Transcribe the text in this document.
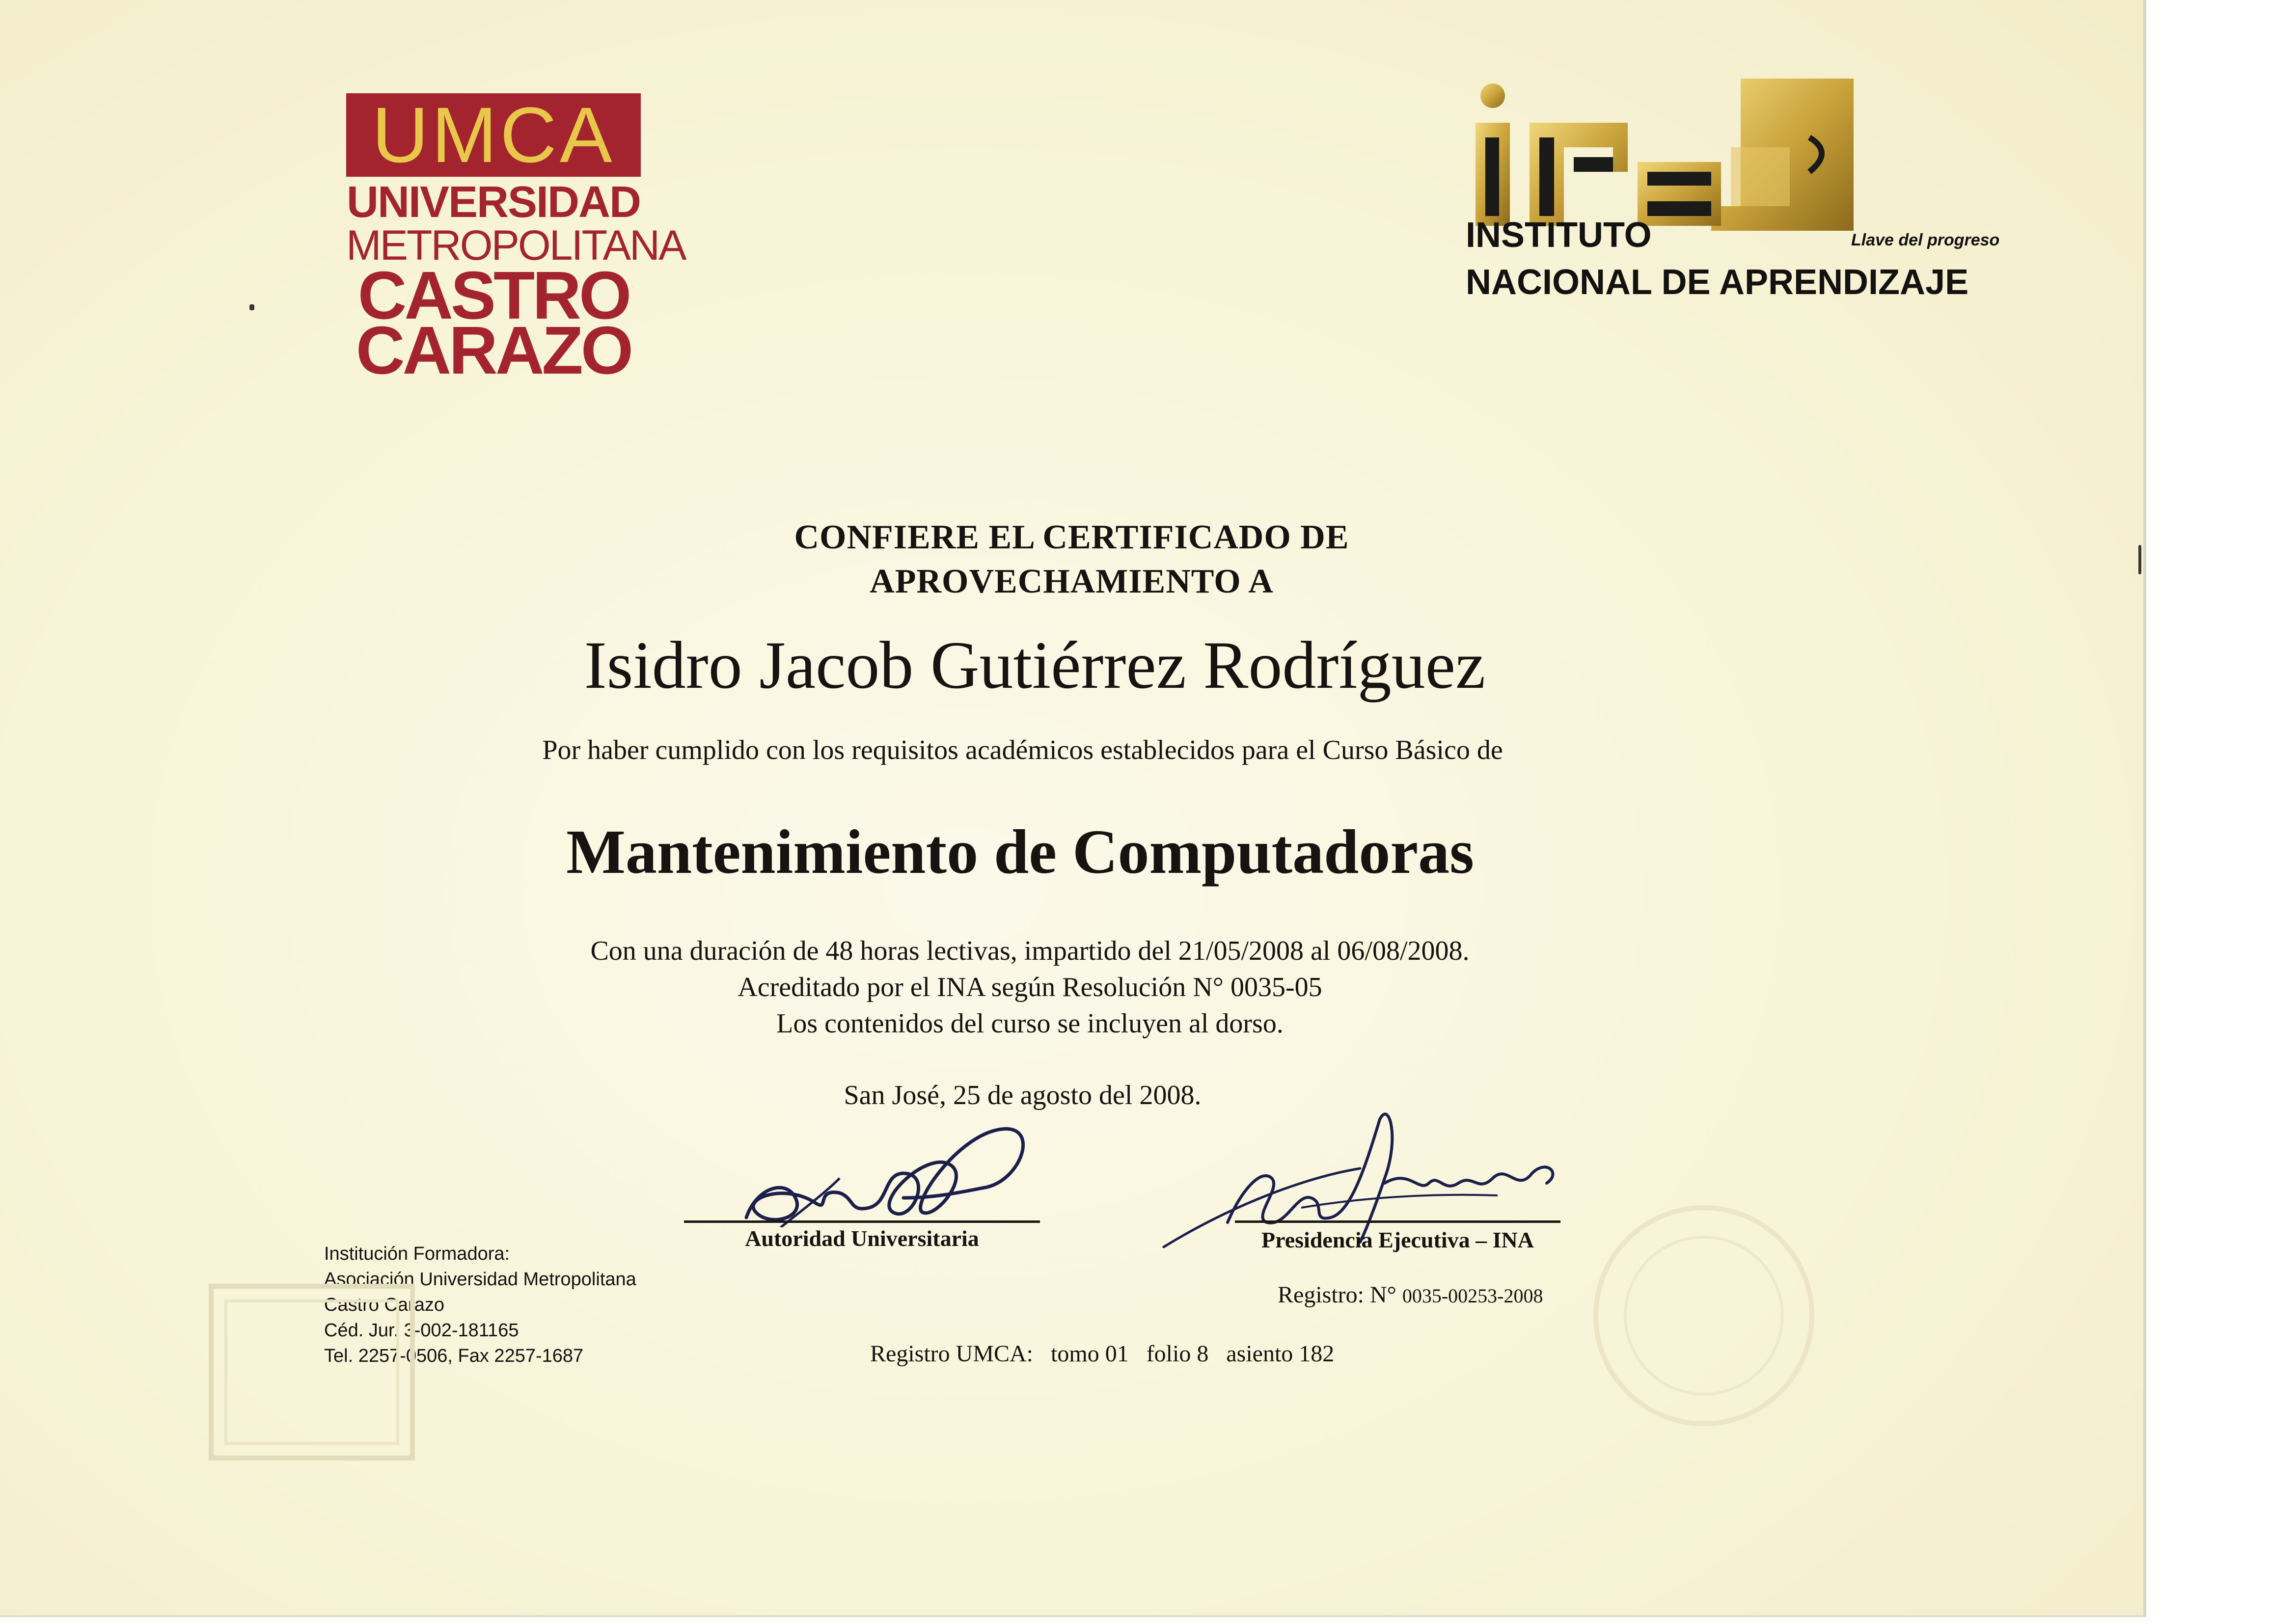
UMCA
UNIVERSIDAD
METROPOLITANA
CASTRO
CARAZO
INSTITUTO	Llave del progreso
NACIONAL DE APRENDIZAJE
CONFIERE EL CERTIFICADO DE
APROVECHAMIENTO A
Isidro Jacob Gutiérrez Rodríguez
Por haber cumplido con los requisitos académicos establecidos para el Curso Básico de
Mantenimiento de Computadoras
Con una duración de 48 horas lectivas, impartido del 21/05/2008 al 06/08/2008.
Acreditado por el INA según Resolución N° 0035-05
Los contenidos del curso se incluyen al dorso.
San José, 25 de agosto del 2008.
Autoridad Universitaria	Presidencia Ejecutiva – INA
Institución Formadora:
Asociación Universidad Metropolitana
Castro Carazo
Céd. Jur. 3-002-181165
Tel. 2257-0506, Fax 2257-1687
Registro: N° 0035-00253-2008
Registro UMCA: tomo 01 folio 8 asiento 182
